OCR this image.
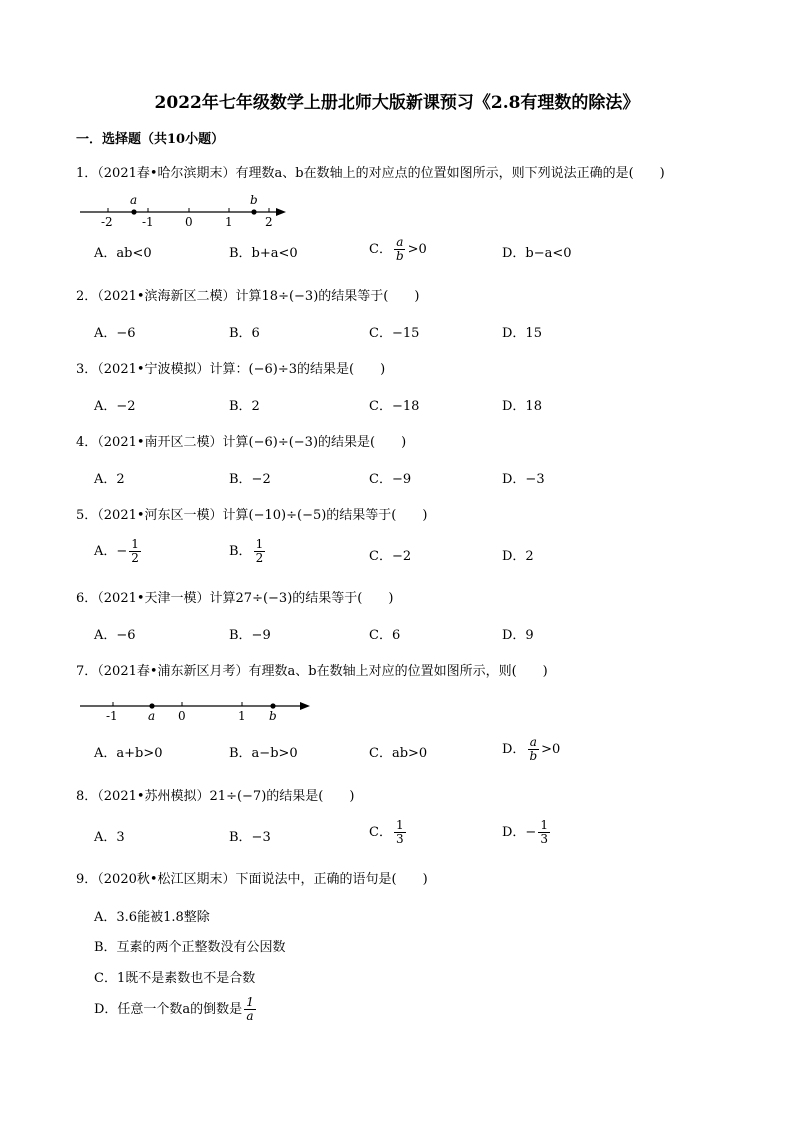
2022年七年级数学上册北师大版新课预习《2.8有理数的除法》
一．选择题（共10小题）
1．（2021春•哈尔滨期末）有理数a、b在数轴上的对应点的位置如图所示，则下列说法正确的是(　　)
a	b
-2 -1	0	1	2
A．ab<0	B．b+a<0	C． $\frac{a}{b} >0$	D．b−a<0
2．（2021•滨海新区二模）计算18÷(−3)的结果等于(　　)
A．−6	B．6	C．−15	D．15
3．（2021•宁波模拟）计算：(−6)÷3的结果是(　　)
A．−2	B．2	C．−18	D．18
4．（2021•南开区二模）计算(−6)÷(−3)的结果是(　　)
A．2	B．−2	C．−9	D．−3
5．（2021•河东区一模）计算(−10)÷(−5)的结果等于(　　)
A．− $\frac{1}{2}$	B． $\frac{1}{2}$	C．−2	D．2
6．（2021•天津一模）计算27÷(−3)的结果等于(　　)
A．−6	B．−9	C．6	D．9
7．（2021春•浦东新区月考）有理数a、b在数轴上对应的位置如图所示，则(　　)
-1	a 0	1 b
A．a+b>0	B．a−b>0	C．ab>0	D． $\frac{a}{b} >0$
8．（2021•苏州模拟）21÷(−7)的结果是(　　)
A．3	B．−3	C． $\frac{1}{3}$	D．− $\frac{1}{3}$
9．（2020秋•松江区期末）下面说法中，正确的语句是(　　)
A．3.6能被1.8整除
B．互素的两个正整数没有公因数
C．1既不是素数也不是合数
D．任意一个数a的倒数是 $\frac{1}{a}$
